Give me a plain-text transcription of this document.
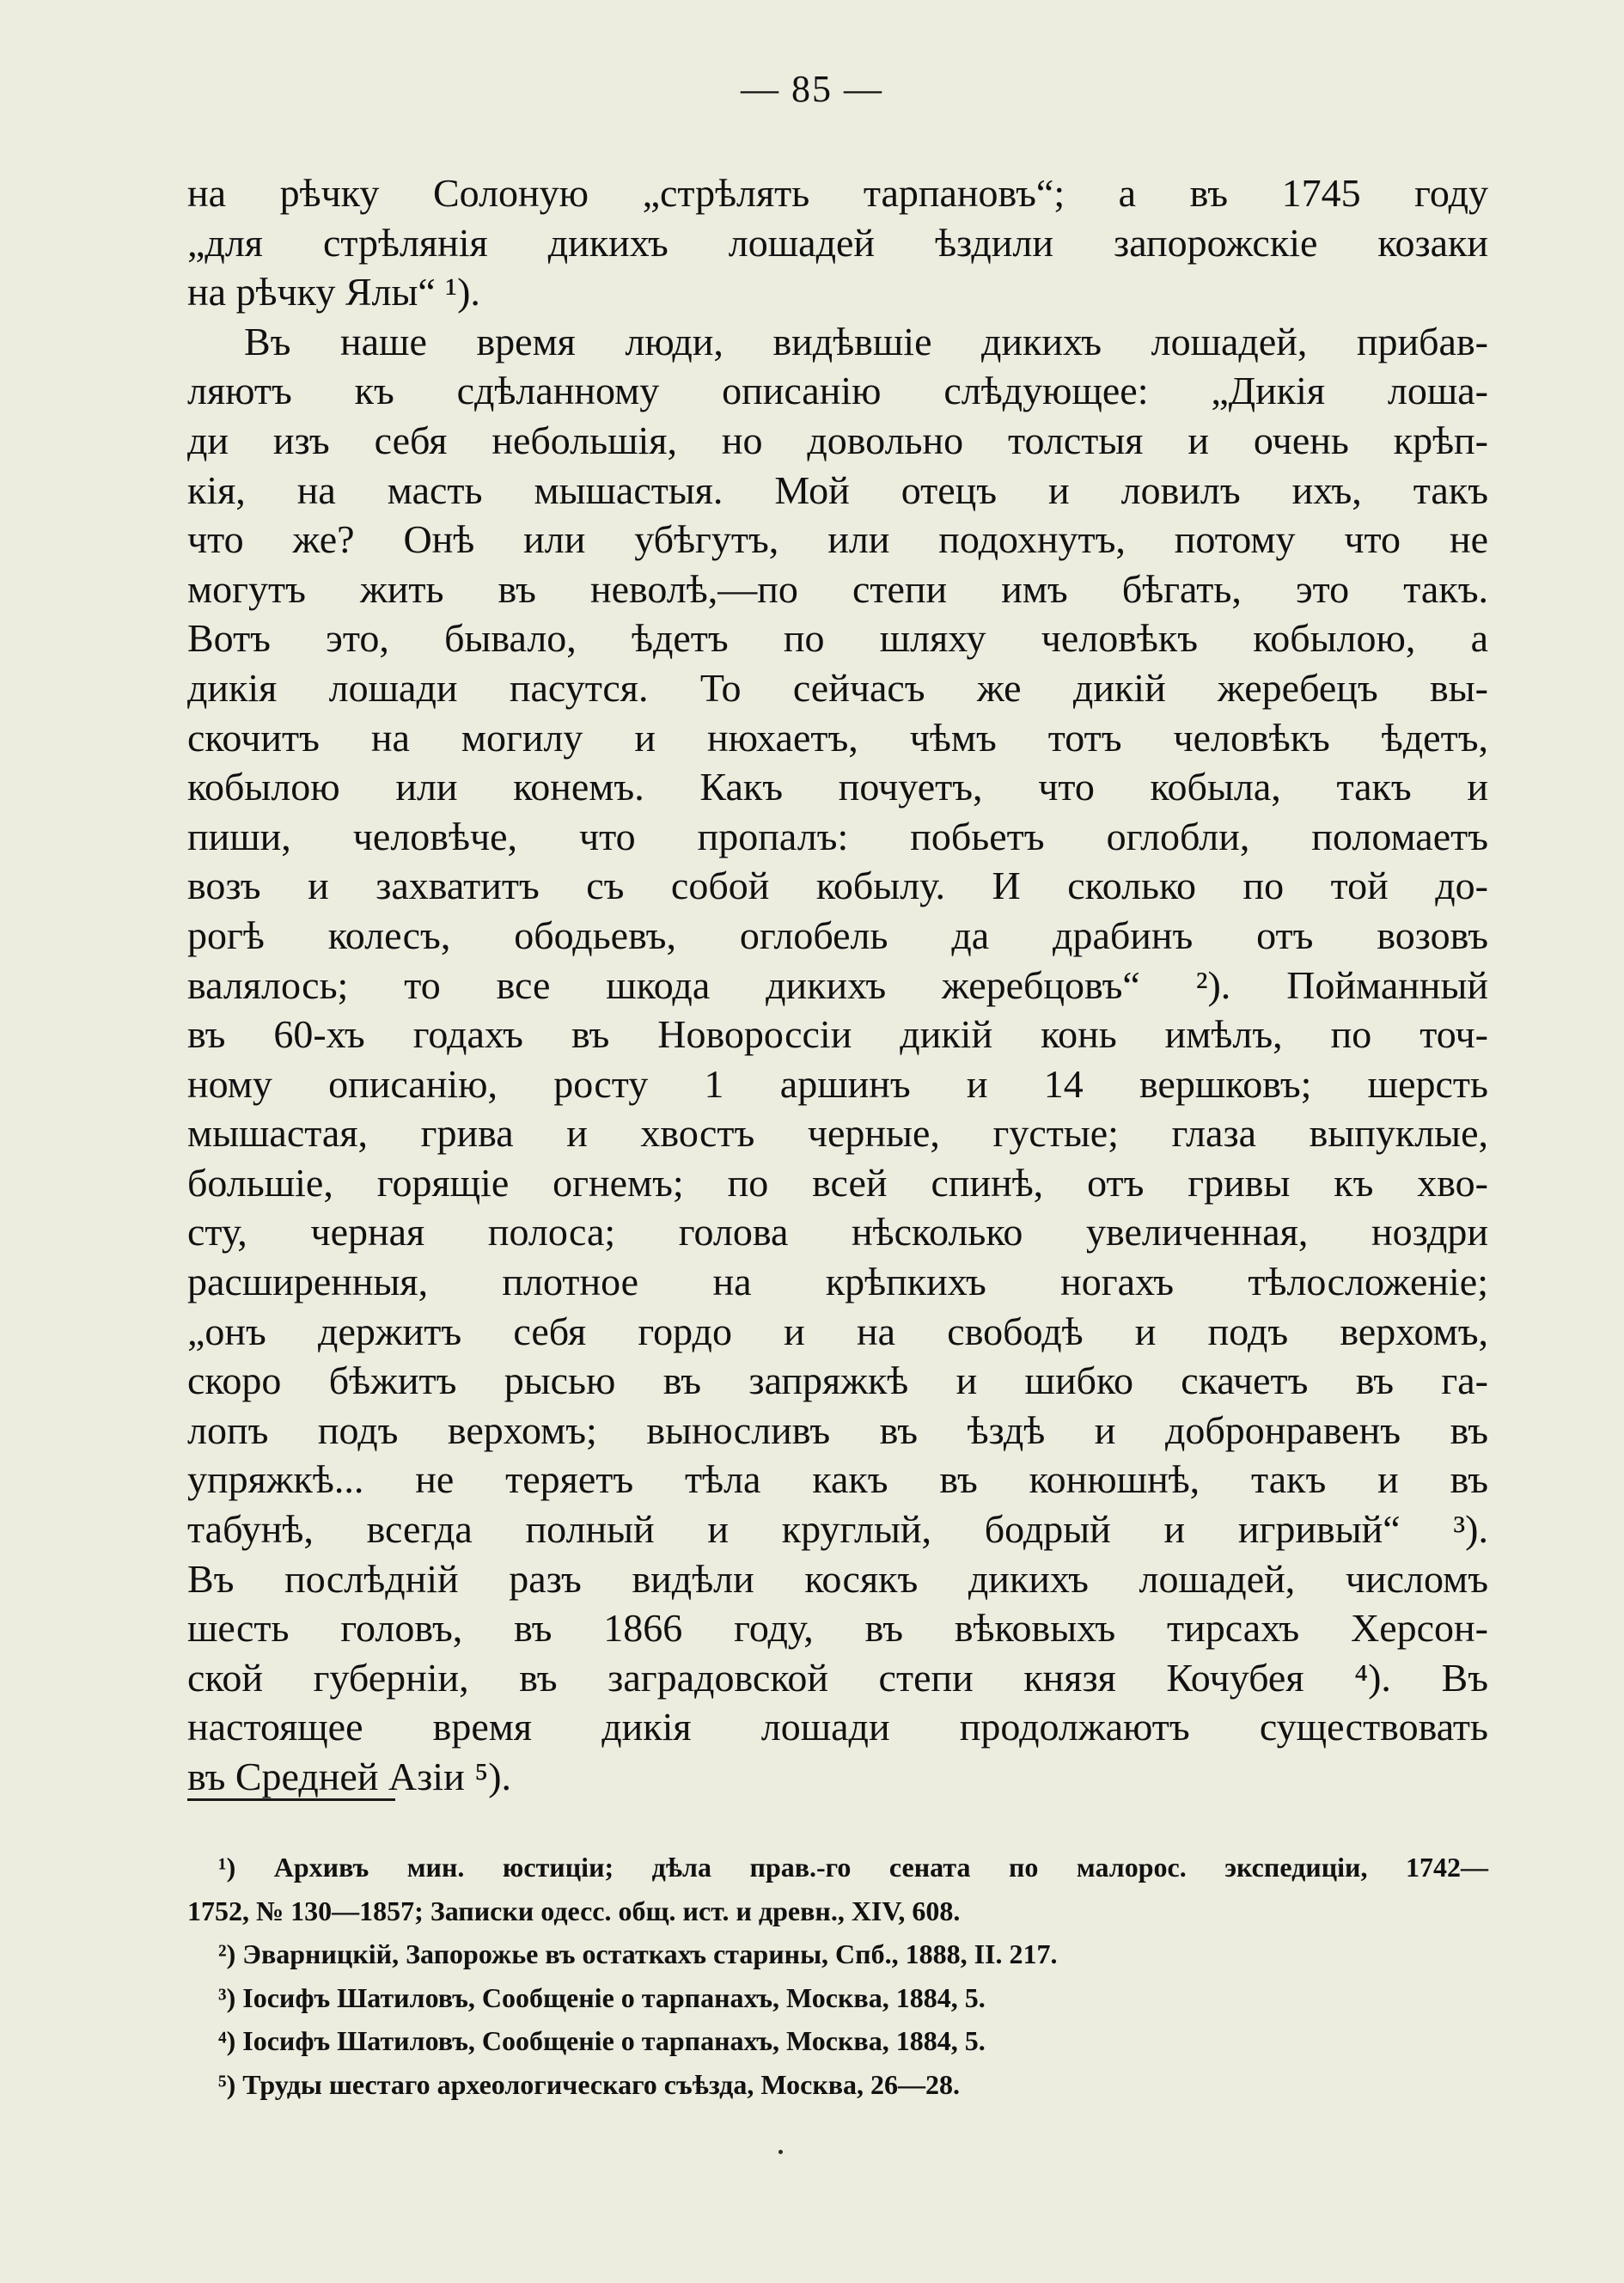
— 85 —
на рѣчку Солоную „стрѣлять тарпановъ“; а въ 1745 году
„для стрѣлянія дикихъ лошадей ѣздили запорожскіе козаки
на рѣчку Ялы“ ¹).
Въ наше время люди, видѣвшіе дикихъ лошадей, прибав-
ляютъ къ сдѣланному описанію слѣдующее: „Дикія лоша-
ди изъ себя небольшія, но довольно толстыя и очень крѣп-
кія, на масть мышастыя. Мой отецъ и ловилъ ихъ, такъ
что же? Онѣ или убѣгутъ, или подохнутъ, потому что не
могутъ жить въ неволѣ,—по степи имъ бѣгать, это такъ.
Вотъ это, бывало, ѣдетъ по шляху человѣкъ кобылою, а
дикія лошади пасутся. То сейчасъ же дикій жеребецъ вы-
скочитъ на могилу и нюхаетъ, чѣмъ тотъ человѣкъ ѣдетъ,
кобылою или конемъ. Какъ почуетъ, что кобыла, такъ и
пиши, человѣче, что пропалъ: побьетъ оглобли, поломаетъ
возъ и захватитъ съ собой кобылу. И сколько по той до-
рогѣ колесъ, ободьевъ, оглобель да драбинъ отъ возовъ
валялось; то все шкода дикихъ жеребцовъ“ ²). Пойманный
въ 60-хъ годахъ въ Новороссіи дикій конь имѣлъ, по точ-
ному описанію, росту 1 аршинъ и 14 вершковъ; шерсть
мышастая, грива и хвостъ черные, густые; глаза выпуклые,
большіе, горящіе огнемъ; по всей спинѣ, отъ гривы къ хво-
сту, черная полоса; голова нѣсколько увеличенная, ноздри
расширенныя, плотное на крѣпкихъ ногахъ тѣлосложеніе;
„онъ держитъ себя гордо и на свободѣ и подъ верхомъ,
скоро бѣжитъ рысью въ запряжкѣ и шибко скачетъ въ га-
лопъ подъ верхомъ; выносливъ въ ѣздѣ и добронравенъ въ
упряжкѣ... не теряетъ тѣла какъ въ конюшнѣ, такъ и въ
табунѣ, всегда полный и круглый, бодрый и игривый“ ³).
Въ послѣдній разъ видѣли косякъ дикихъ лошадей, числомъ
шесть головъ, въ 1866 году, въ вѣковыхъ тирсахъ Херсон-
ской губерніи, въ заградовской степи князя Кочубея ⁴). Въ
настоящее время дикія лошади продолжаютъ существовать
въ Средней Азіи ⁵).
¹) Архивъ мин. юстиціи; дѣла прав.-го сената по малорос. экспедиціи, 1742—
1752, № 130—1857; Записки одесс. общ. ист. и древн., XIV, 608.
²) Эварницкій, Запорожье въ остаткахъ старины, Спб., 1888, II. 217.
³) Іосифъ Шатиловъ, Сообщеніе о тарпанахъ, Москва, 1884, 5.
⁴) Іосифъ Шатиловъ, Сообщеніе о тарпанахъ, Москва, 1884, 5.
⁵) Труды шестаго археологическаго съѣзда, Москва, 26—28.
